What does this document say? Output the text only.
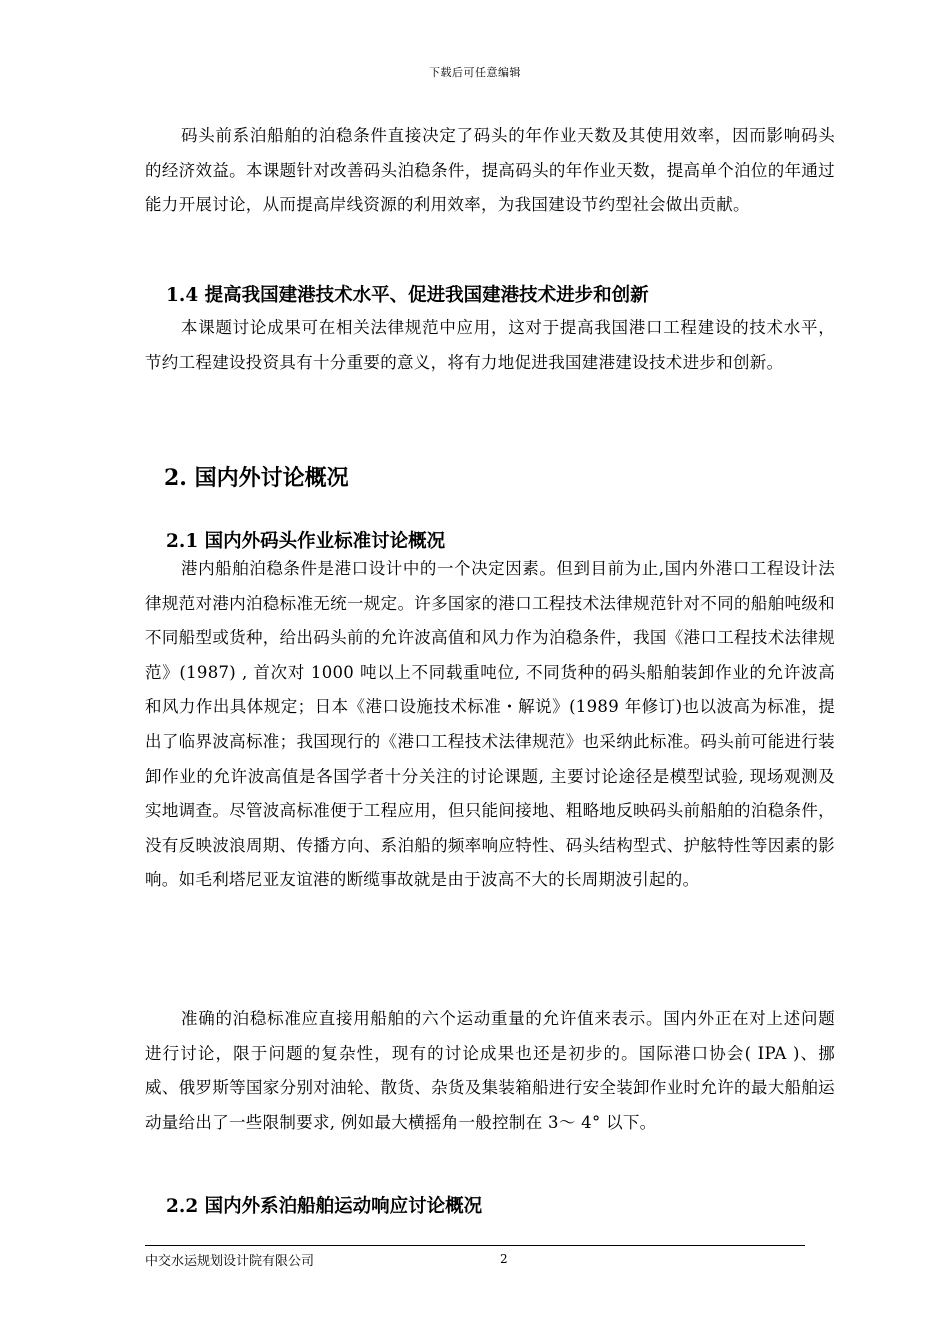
下载后可任意编辑

码头前系泊船舶的泊稳条件直接决定了码头的年作业天数及其使用效率，因而影响码头的经济效益。本课题针对改善码头泊稳条件，提高码头的年作业天数，提高单个泊位的年通过能力开展讨论，从而提高岸线资源的利用效率，为我国建设节约型社会做出贡献。

1.4 提高我国建港技术水平、促进我国建港技术进步和创新

本课题讨论成果可在相关法律规范中应用，这对于提高我国港口工程建设的技术水平，节约工程建设投资具有十分重要的意义，将有力地促进我国建港建设技术进步和创新。

2. 国内外讨论概况
2.1 国内外码头作业标准讨论概况

港内船舶泊稳条件是港口设计中的一个决定因素。但到目前为止,国内外港口工程设计法律规范对港内泊稳标准无统一规定。许多国家的港口工程技术法律规范针对不同的船舶吨级和不同船型或货种，给出码头前的允许波高值和风力作为泊稳条件，我国《港口工程技术法律规范》(1987) , 首次对 1000 吨以上不同载重吨位, 不同货种的码头船舶装卸作业的允许波高和风力作出具体规定；日本《港口设施技术标准・解说》(1989 年修订)也以波高为标准，提出了临界波高标准；我国现行的《港口工程技术法律规范》也采纳此标准。码头前可能进行装卸作业的允许波高值是各国学者十分关注的讨论课题, 主要讨论途径是模型试验, 现场观测及实地调查。尽管波高标准便于工程应用，但只能间接地、粗略地反映码头前船舶的泊稳条件，没有反映波浪周期、传播方向、系泊船的频率响应特性、码头结构型式、护舷特性等因素的影响。如毛利塔尼亚友谊港的断缆事故就是由于波高不大的长周期波引起的。

准确的泊稳标准应直接用船舶的六个运动重量的允许值来表示。国内外正在对上述问题进行讨论，限于问题的复杂性，现有的讨论成果也还是初步的。国际港口协会( IPA )、挪威、俄罗斯等国家分别对油轮、散货、杂货及集装箱船进行安全装卸作业时允许的最大船舶运动量给出了一些限制要求, 例如最大横摇角一般控制在 3～ 4° 以下。

2.2 国内外系泊船舶运动响应讨论概况
中交水运规划设计院有限公司	2
